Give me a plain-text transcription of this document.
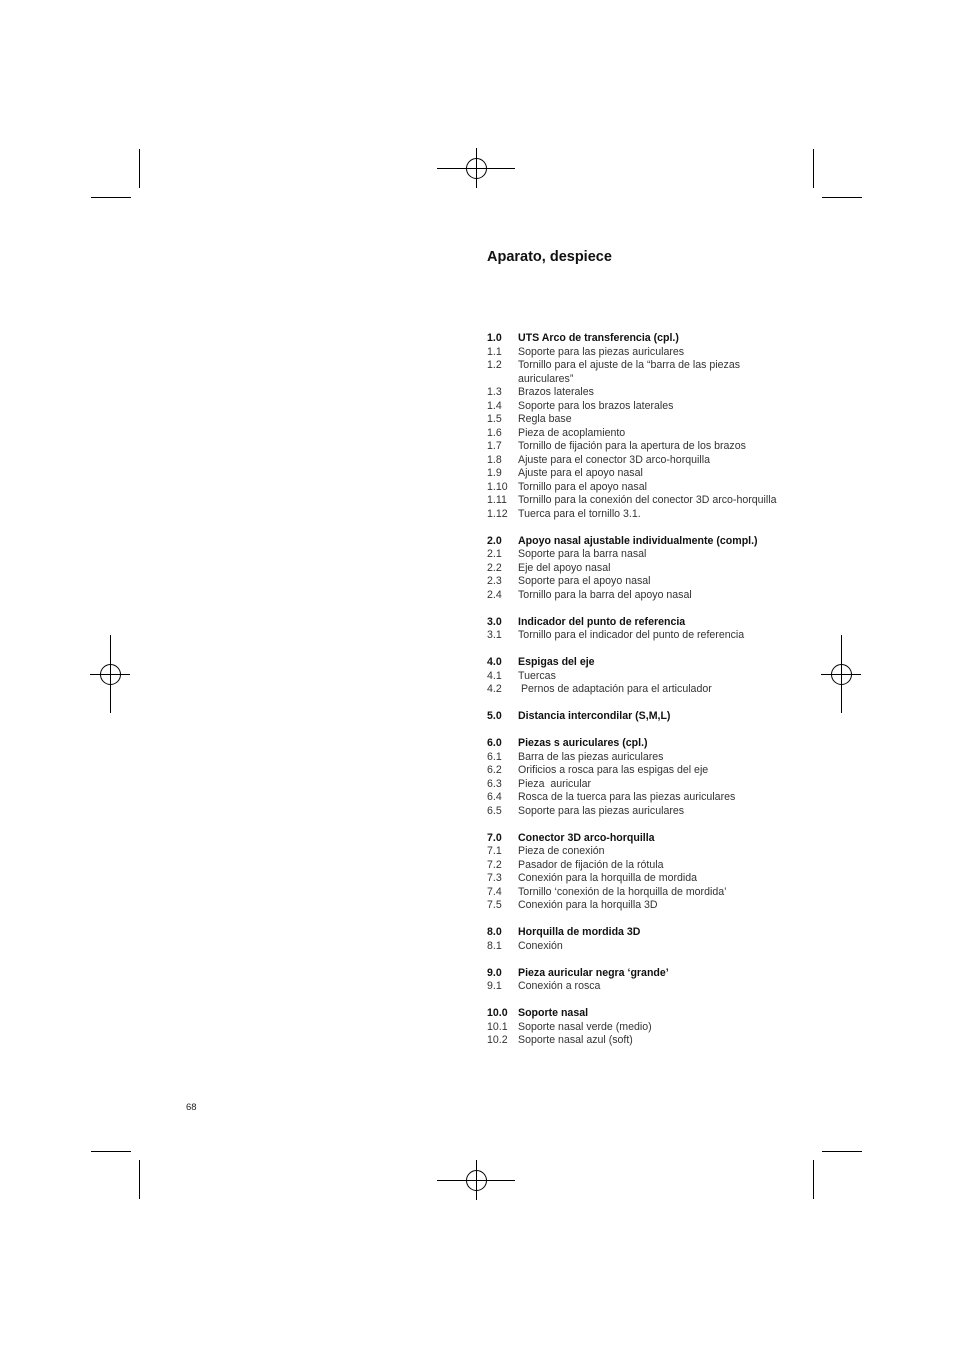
Aparato, despiece
1.0	UTS Arco de transferencia (cpl.)
1.1	Soporte para las piezas auriculares
1.2	Tornillo para el ajuste de la “barra de las piezas auriculares”
1.3	Brazos laterales
1.4	Soporte para los brazos laterales
1.5	Regla base
1.6	Pieza de acoplamiento
1.7	Tornillo de fijación para la apertura de los brazos
1.8	Ajuste para el conector 3D arco-horquilla
1.9	Ajuste para el apoyo nasal
1.10 Tornillo para el apoyo nasal
1.11	Tornillo para la conexión del conector 3D arco-horquilla
1.12 Tuerca para el tornillo 3.1.
2.0	Apoyo nasal ajustable individualmente (compl.)
2.1	Soporte para la barra nasal
2.2	Eje del apoyo nasal
2.3	Soporte para el apoyo nasal
2.4	Tornillo para la barra del apoyo nasal
3.0	Indicador del punto de referencia
3.1	Tornillo para el indicador del punto de referencia
4.0	Espigas del eje
4.1	Tuercas
4.2	Pernos de adaptación para el articulador
5.0	Distancia intercondilar (S,M,L)
6.0	Piezas s auriculares (cpl.)
6.1	Barra de las piezas auriculares
6.2	Orificios a rosca para las espigas del eje
6.3	Pieza  auricular
6.4	Rosca de la tuerca para las piezas auriculares
6.5	Soporte para las piezas auriculares
7.0	Conector 3D arco-horquilla
7.1	Pieza de conexión
7.2	Pasador de fijación de la rótula
7.3	Conexión para la horquilla de mordida
7.4	Tornillo ‘conexión de la horquilla de mordida’
7.5	Conexión para la horquilla 3D
8.0	Horquilla de mordida 3D
8.1	Conexión
9.0	Pieza auricular negra ‘grande’
9.1	Conexión a rosca
10.0 Soporte nasal
10.1 Soporte nasal verde (medio)
10.2 Soporte nasal azul (soft)
68
